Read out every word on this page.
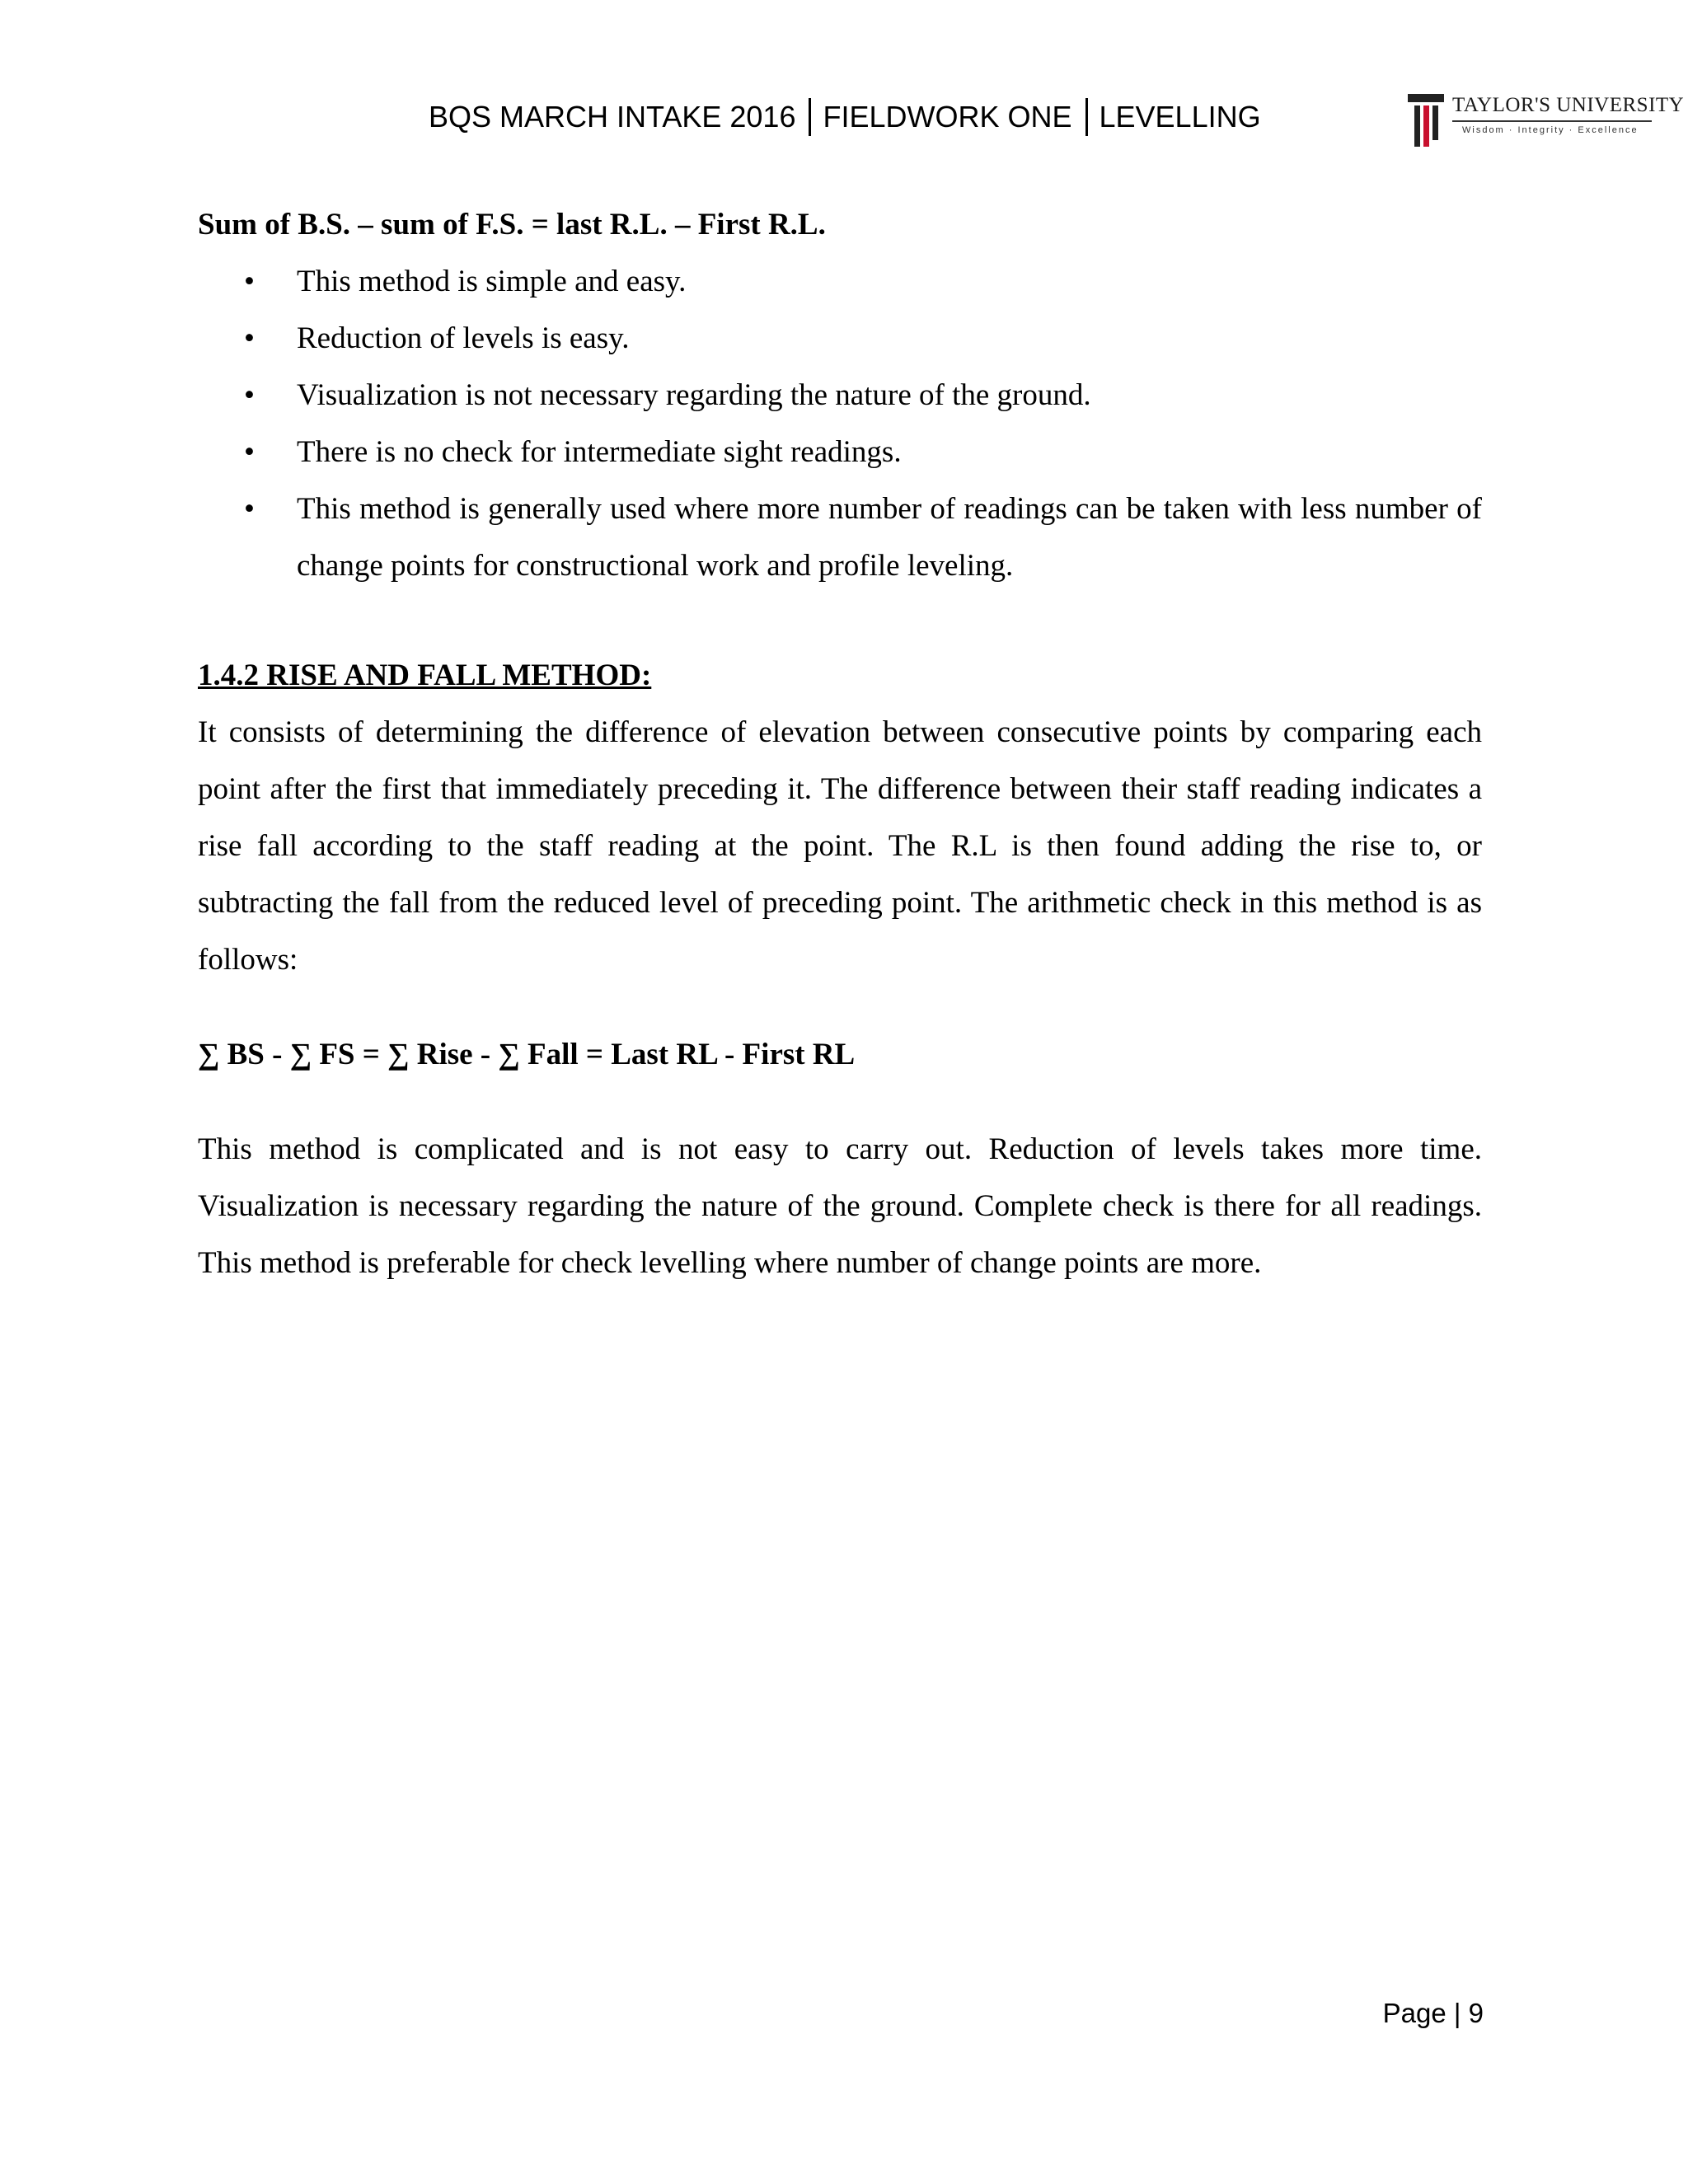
BQS MARCH INTAKE 2016 FIELDWORK ONE LEVELLING	TAYLOR'S UNIVERSITY
Wisdom · Integrity · Excellence

Sum of B.S. – sum of F.S. = last R.L. – First R.L.

• This method is simple and easy.
• Reduction of levels is easy.
• Visualization is not necessary regarding the nature of the ground.
• There is no check for intermediate sight readings.
• This method is generally used where more number of readings can be taken with less number of change points for constructional work and profile leveling.

1.4.2 RISE AND FALL METHOD:

It consists of determining the difference of elevation between consecutive points by comparing each point after the first that immediately preceding it. The difference between their staff reading indicates a rise fall according to the staff reading at the point. The R.L is then found adding the rise to, or subtracting the fall from the reduced level of preceding point. The arithmetic check in this method is as follows:

∑ BS - ∑ FS = ∑ Rise - ∑ Fall = Last RL - First RL

This method is complicated and is not easy to carry out. Reduction of levels takes more time. Visualization is necessary regarding the nature of the ground. Complete check is there for all readings. This method is preferable for check levelling where number of change points are more.

Page | 9
